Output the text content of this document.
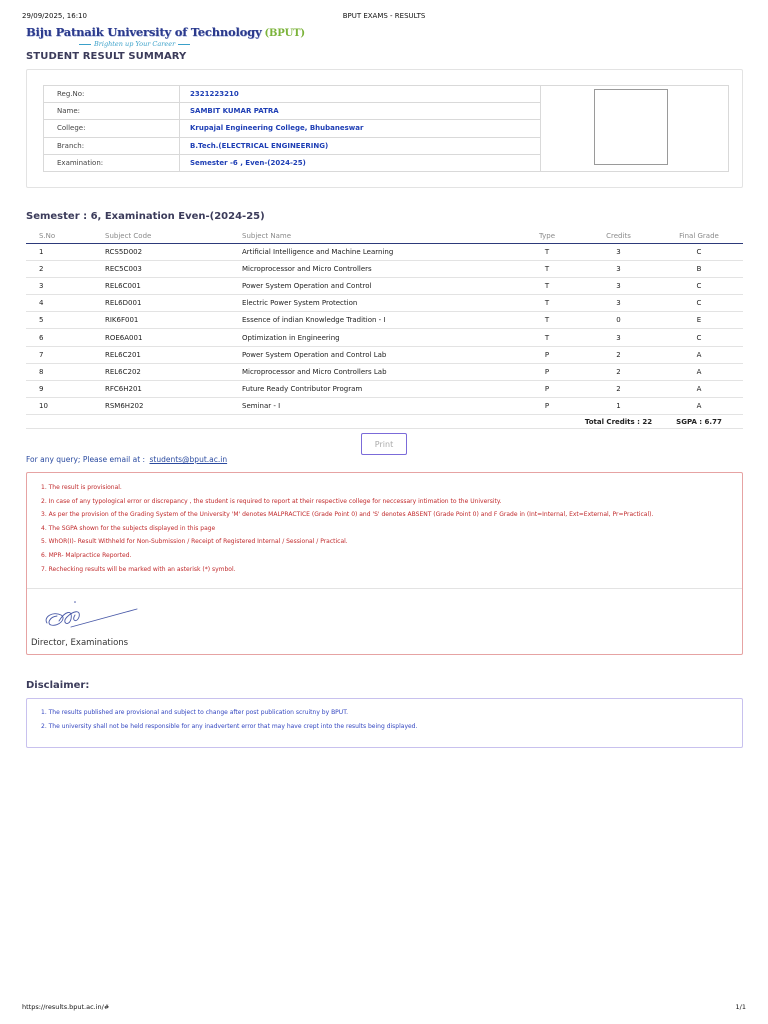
29/09/2025, 16:10	BPUT EXAMS - RESULTS
Biju Patnaik University of Technology (BPUT)
Brighten up Your Career
STUDENT RESULT SUMMARY
Reg.No:	2321223210
Name:	SAMBIT KUMAR PATRA
College:	Krupajal Engineering College, Bhubaneswar
Branch:	B.Tech.(ELECTRICAL ENGINEERING)
Examination:	Semester -6 , Even-(2024-25)
Semester : 6, Examination Even-(2024-25)
S.No	Subject Code	Subject Name	Type	Credits	Final Grade
1	RCS5D002	Artificial Intelligence and Machine Learning	T	3	C
2	REC5C003	Microprocessor and Micro Controllers	T	3	B
3	REL6C001	Power System Operation and Control	T	3	C
4	REL6D001	Electric Power System Protection	T	3	C
5	RIK6F001	Essence of indian Knowledge Tradition - I	T	0	E
6	ROE6A001	Optimization in Engineering	T	3	C
7	REL6C201	Power System Operation and Control Lab	P	2	A
8	REL6C202	Microprocessor and Micro Controllers Lab	P	2	A
9	RFC6H201	Future Ready Contributor Program	P	2	A
10	RSM6H202	Seminar - I	P	1	A
				Total Credits : 22	SGPA : 6.77
Print
For any query; Please email at : students@bput.ac.in
1. The result is provisional.
2. In case of any typological error or discrepancy , the student is required to report at their respective college for neccessary intimation to the University.
3. As per the provision of the Grading System of the University 'M' denotes MALPRACTICE (Grade Point 0) and 'S' denotes ABSENT (Grade Point 0) and F Grade in (Int=Internal, Ext=External, Pr=Practical).
4. The SGPA shown for the subjects displayed in this page
5. WhOR(I)- Result Withheld for Non-Submission / Receipt of Registered Internal / Sessional / Practical.
6. MPR- Malpractice Reported.
7. Rechecking results will be marked with an asterisk (*) symbol.
Director, Examinations
Disclaimer:
1. The results published are provisional and subject to change after post publication scruitny by BPUT.
2. The university shall not be held responsible for any inadvertent error that may have crept into the results being displayed.
https://results.bput.ac.in/#	1/1
